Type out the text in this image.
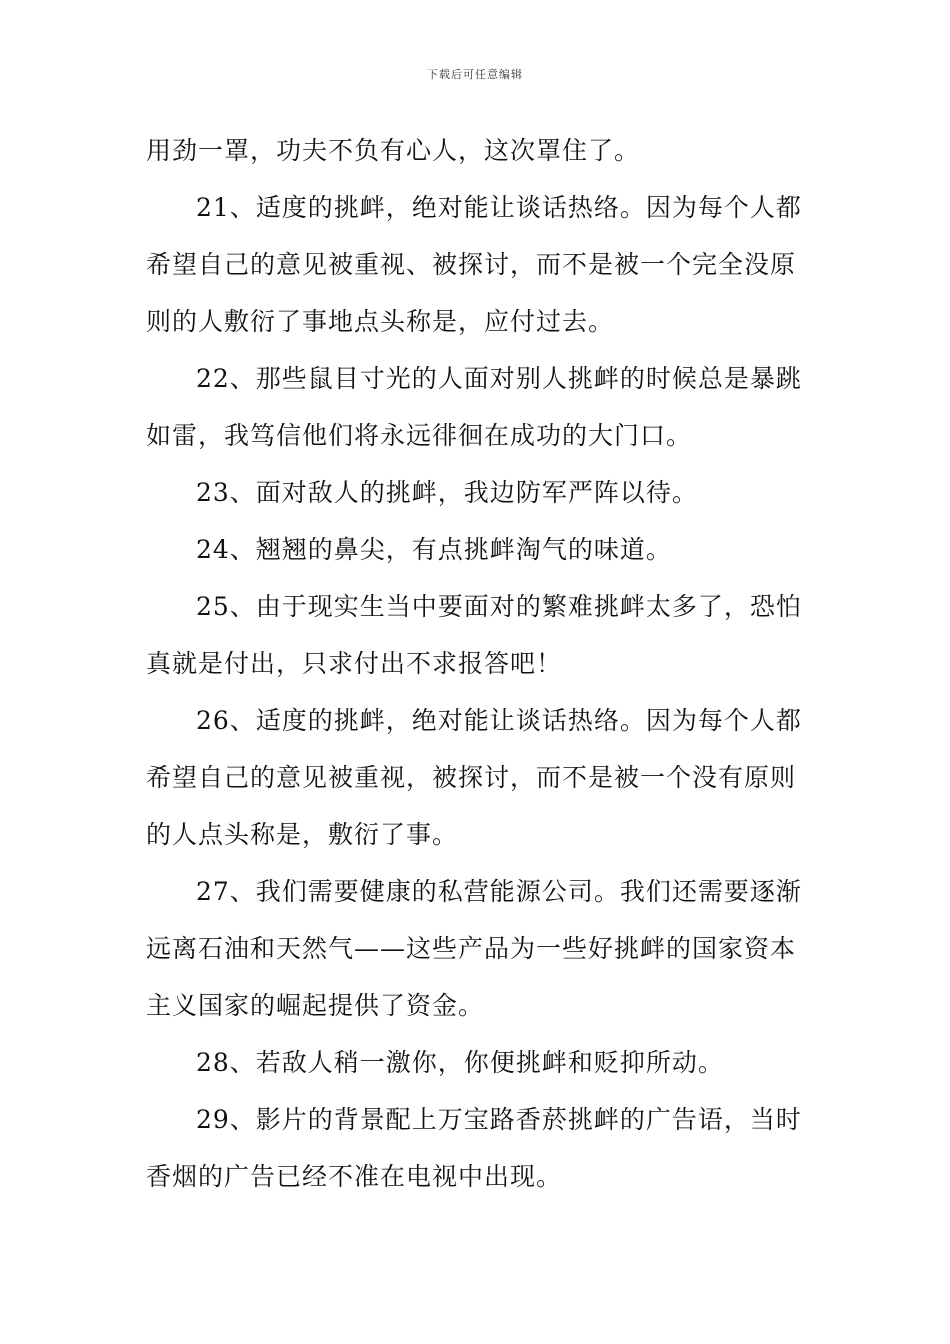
下载后可任意编辑
用劲一罩，功夫不负有心人，这次罩住了。
21、适度的挑衅，绝对能让谈话热络。因为每个人都
希望自己的意见被重视、被探讨，而不是被一个完全没原
则的人敷衍了事地点头称是，应付过去。
22、那些鼠目寸光的人面对别人挑衅的时候总是暴跳
如雷，我笃信他们将永远徘徊在成功的大门口。
23、面对敌人的挑衅，我边防军严阵以待。
24、翘翘的鼻尖，有点挑衅淘气的味道。
25、由于现实生当中要面对的繁难挑衅太多了，恐怕
真就是付出，只求付出不求报答吧！
26、适度的挑衅，绝对能让谈话热络。因为每个人都
希望自己的意见被重视，被探讨，而不是被一个没有原则
的人点头称是，敷衍了事。
27、我们需要健康的私营能源公司。我们还需要逐渐
远离石油和天然气——这些产品为一些好挑衅的国家资本
主义国家的崛起提供了资金。
28、若敌人稍一激你，你便挑衅和贬抑所动。
29、影片的背景配上万宝路香菸挑衅的广告语，当时
香烟的广告已经不准在电视中出现。
